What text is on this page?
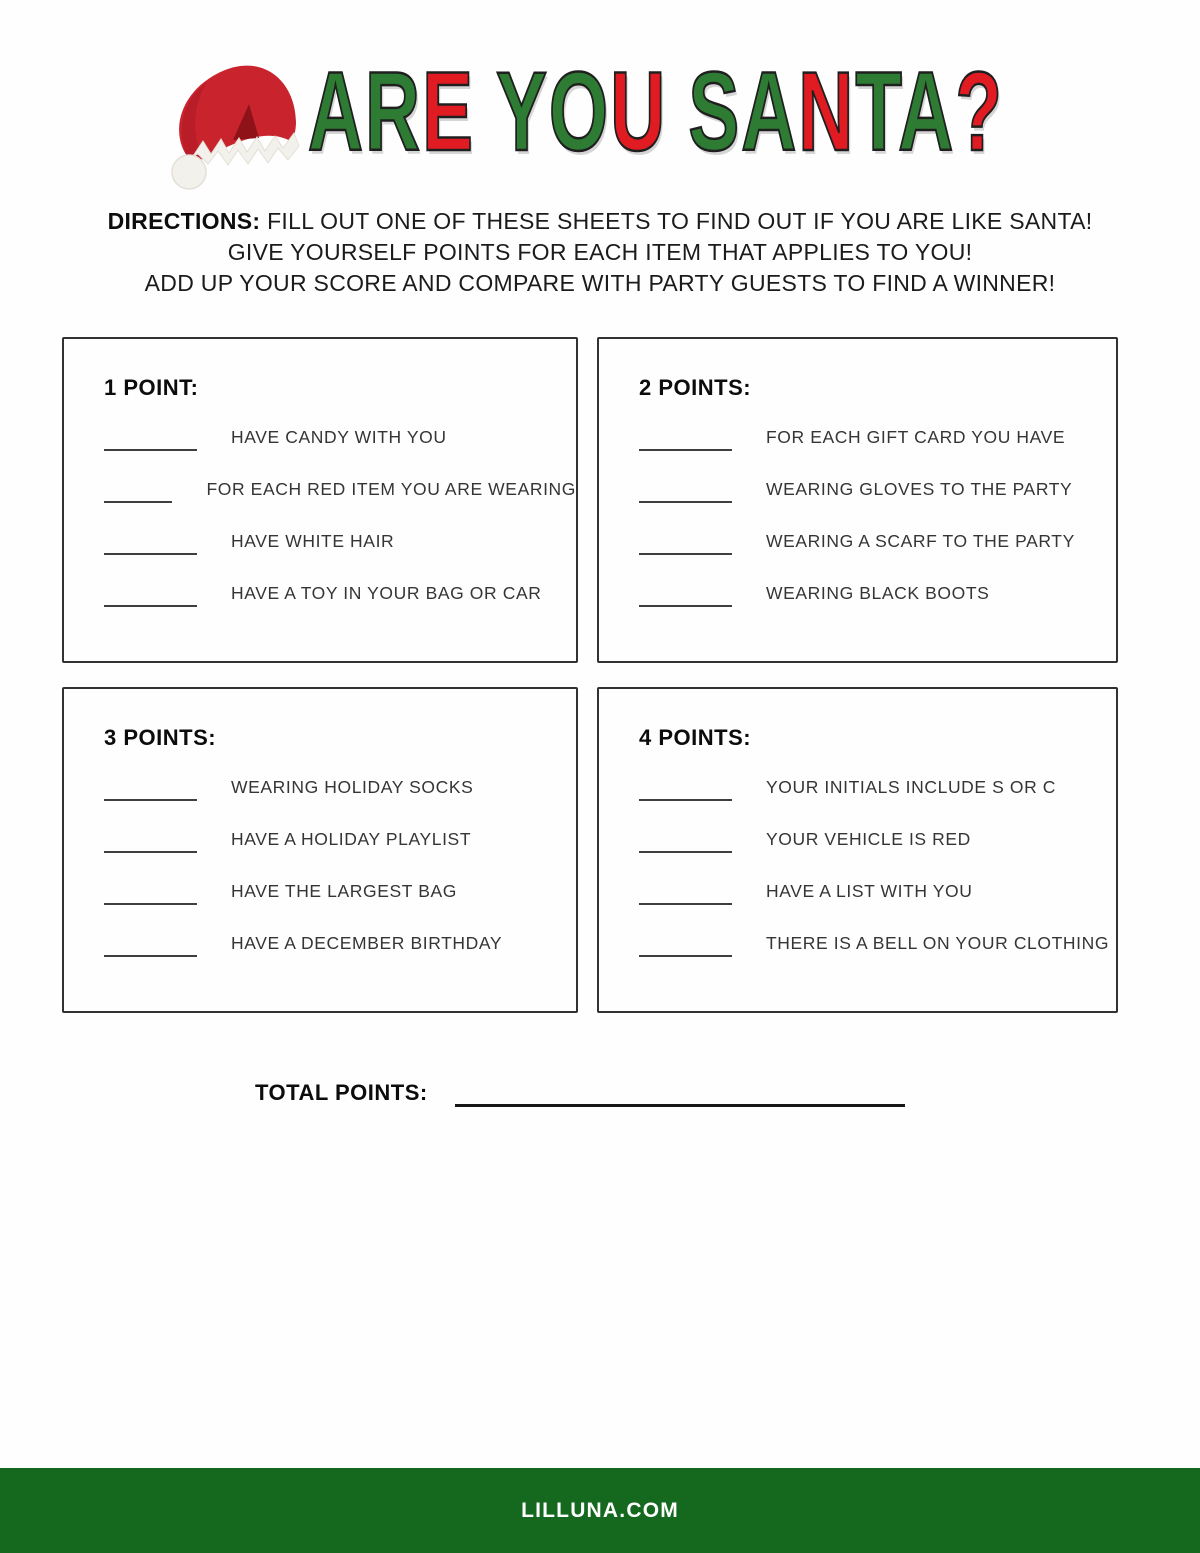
ARE YOU SANTA?
DIRECTIONS: FILL OUT ONE OF THESE SHEETS TO FIND OUT IF YOU ARE LIKE SANTA!
GIVE YOURSELF POINTS FOR EACH ITEM THAT APPLIES TO YOU!
ADD UP YOUR SCORE AND COMPARE WITH PARTY GUESTS TO FIND A WINNER!
1 POINT:
HAVE CANDY WITH YOU
FOR EACH RED ITEM YOU ARE WEARING
HAVE WHITE HAIR
HAVE A TOY IN YOUR BAG OR CAR
2 POINTS:
FOR EACH GIFT CARD YOU HAVE
WEARING GLOVES TO THE PARTY
WEARING A SCARF TO THE PARTY
WEARING BLACK BOOTS
3 POINTS:
WEARING HOLIDAY SOCKS
HAVE A HOLIDAY PLAYLIST
HAVE THE LARGEST BAG
HAVE A DECEMBER BIRTHDAY
4 POINTS:
YOUR INITIALS INCLUDE S OR C
YOUR VEHICLE IS RED
HAVE A LIST WITH YOU
THERE IS A BELL ON YOUR CLOTHING
TOTAL POINTS:
LILLUNA.COM
